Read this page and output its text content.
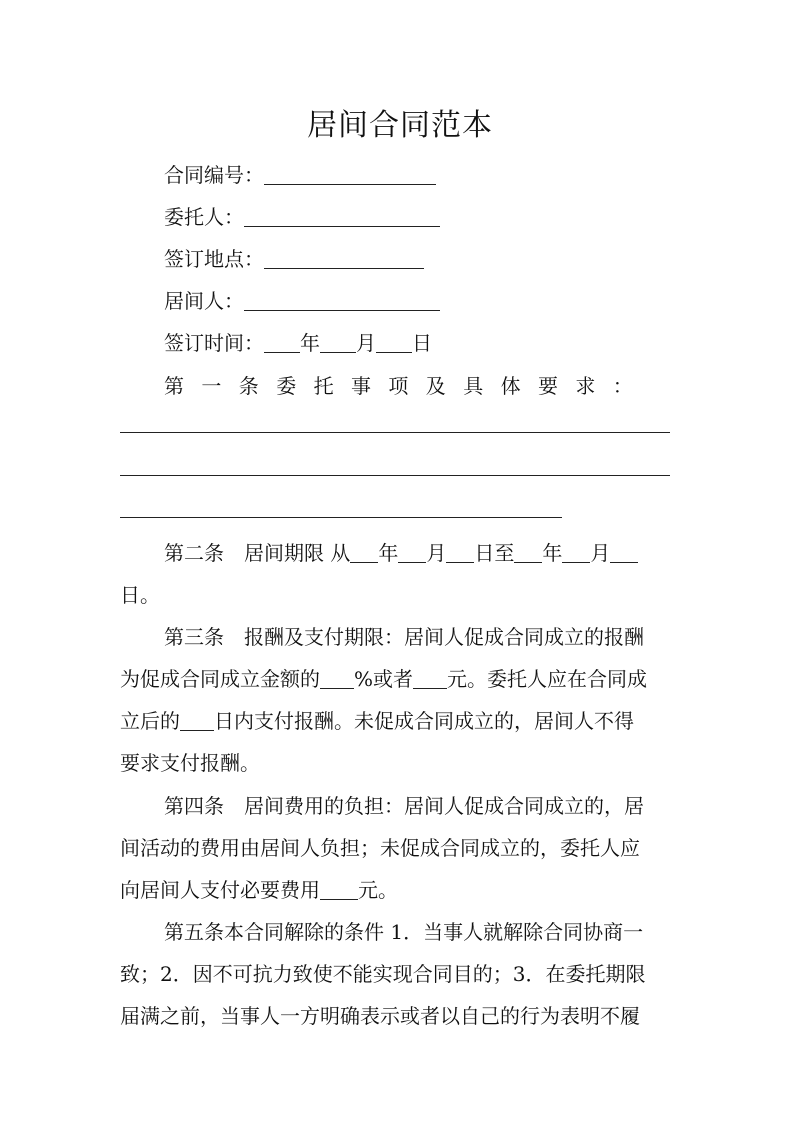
居间合同范本
合同编号：
委托人：
签订地点：
居间人：
签订时间： 年 月 日
第一条委托事项及具体要求：
第二条　居间期限 从 年 月 日至 年 月
日。
第三条　报酬及支付期限：居间人促成合同成立的报酬
为促成合同成立金额的 %或者 元。委托人应在合同成
立后的 日内支付报酬。未促成合同成立的，居间人不得
要求支付报酬。
第四条　居间费用的负担：居间人促成合同成立的，居
间活动的费用由居间人负担；未促成合同成立的，委托人应
向居间人支付必要费用 元。
第五条本合同解除的条件 1．当事人就解除合同协商一
致；2．因不可抗力致使不能实现合同目的；3．在委托期限
届满之前，当事人一方明确表示或者以自己的行为表明不履
